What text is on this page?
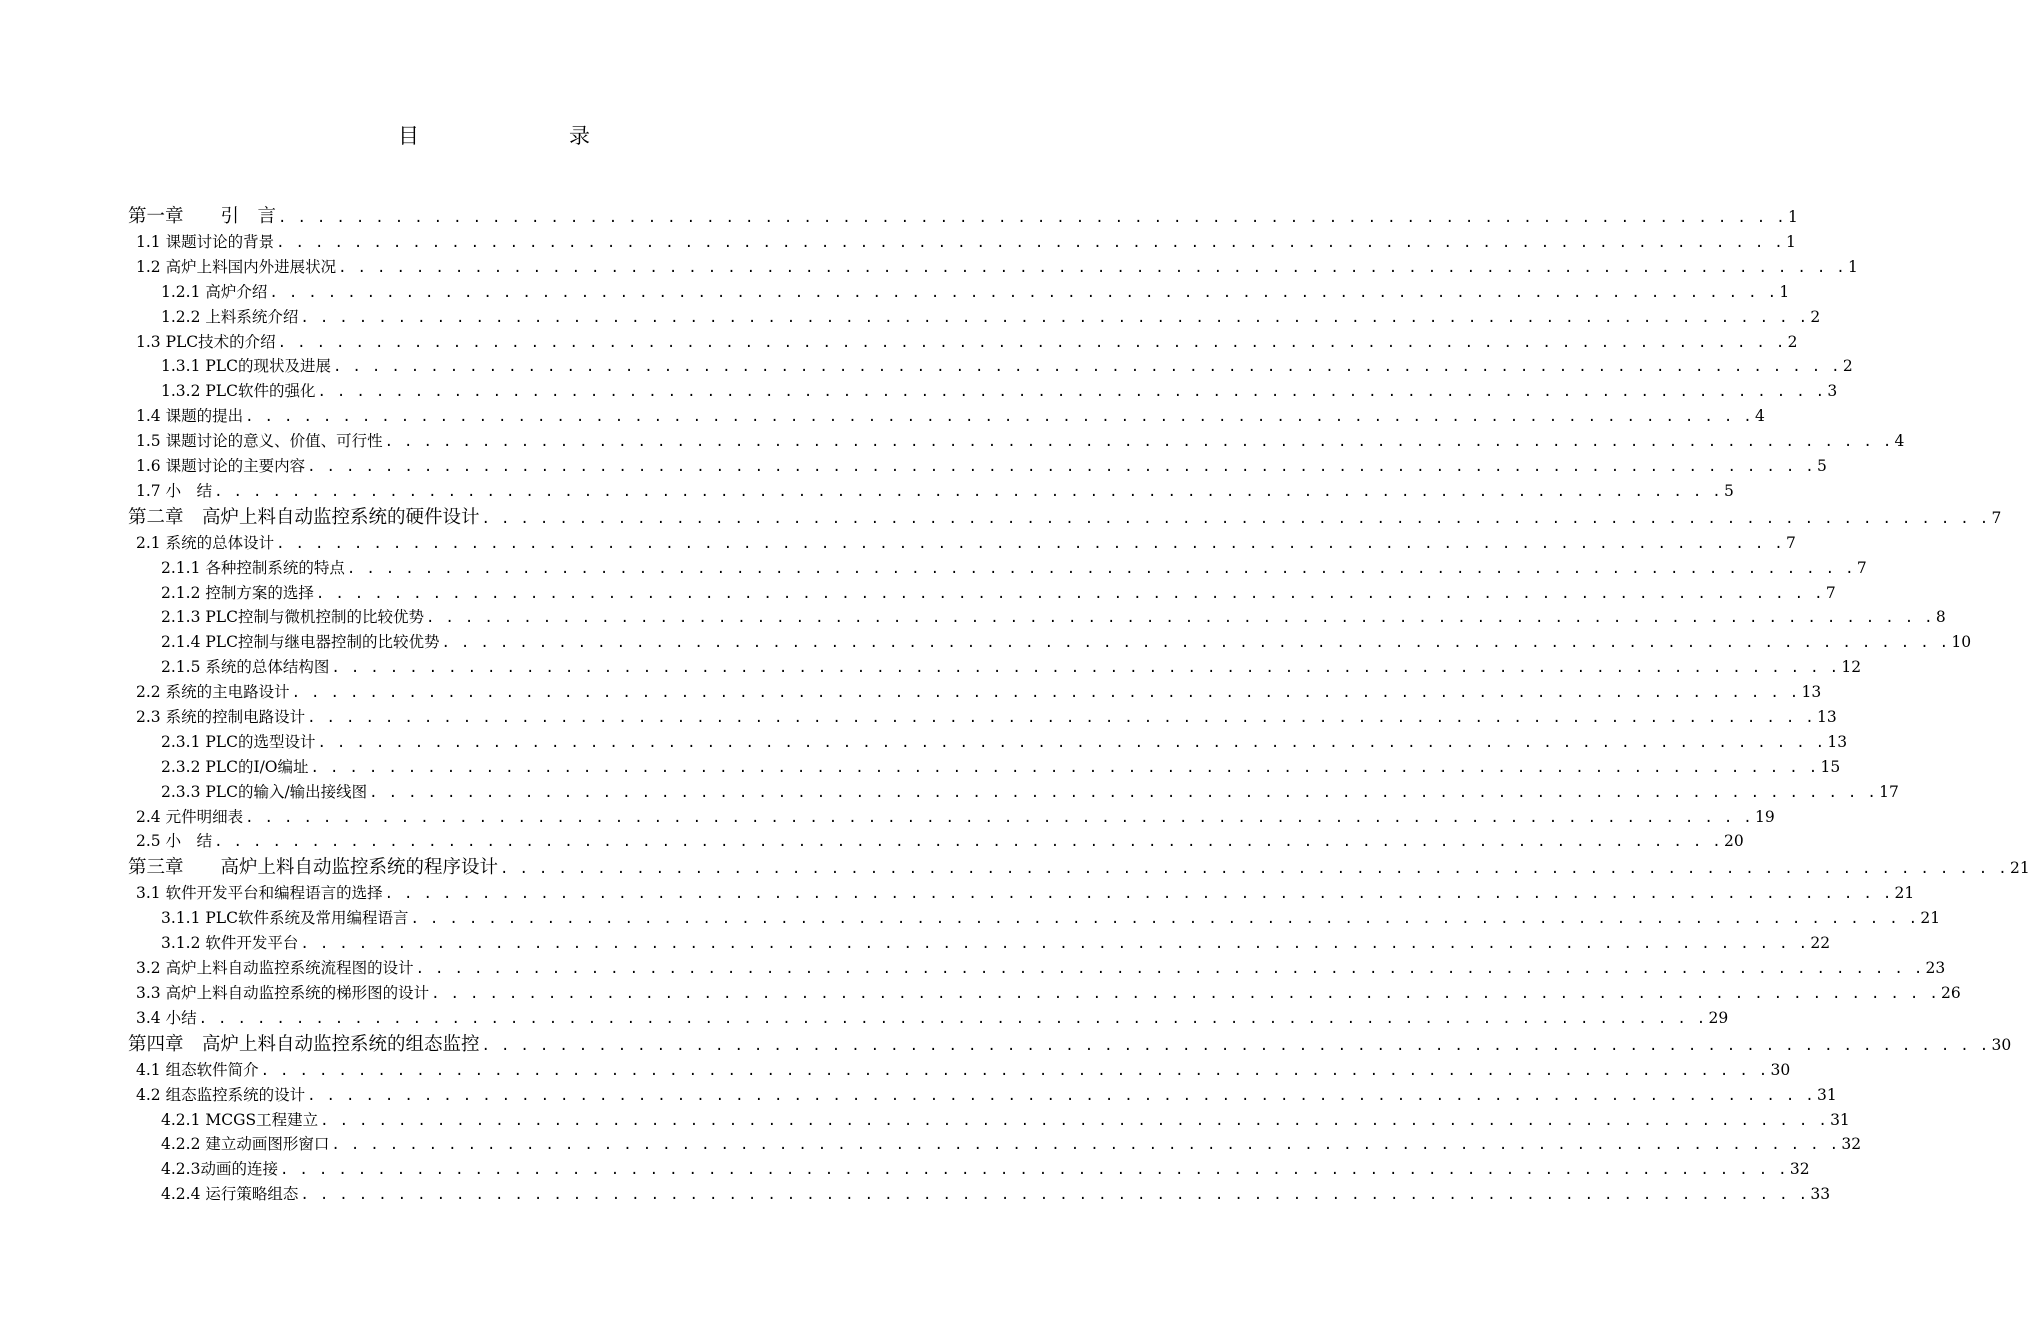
目　　录
第一章　　引　言 . . . . . . . . . . . . . . . . . . . . . . . . . . . . . . . . . . . . . . . . . . . . . . . . . . . . . . . . . . . . . . . . . . . . . . . . . . . . . . 1
1.1 课题讨论的背景 . . . . . . . . . . . . . . . . . . . . . . . . . . . . . . . . . . . . . . . . . . . . . . . . . . . . . . . . . . . . . . . . . . . . . . . . . . . . . . 1
1.2 高炉上料国内外进展状况 . . . . . . . . . . . . . . . . . . . . . . . . . . . . . . . . . . . . . . . . . . . . . . . . . . . . . . . . . . . . . . . . . . . . . . . . . . . . . . 1
1.2.1 高炉介绍 . . . . . . . . . . . . . . . . . . . . . . . . . . . . . . . . . . . . . . . . . . . . . . . . . . . . . . . . . . . . . . . . . . . . . . . . . . . . . . 1
1.2.2 上料系统介绍 . . . . . . . . . . . . . . . . . . . . . . . . . . . . . . . . . . . . . . . . . . . . . . . . . . . . . . . . . . . . . . . . . . . . . . . . . . . . . . 2
1.3 PLC技术的介绍 . . . . . . . . . . . . . . . . . . . . . . . . . . . . . . . . . . . . . . . . . . . . . . . . . . . . . . . . . . . . . . . . . . . . . . . . . . . . . . 2
1.3.1 PLC的现状及进展 . . . . . . . . . . . . . . . . . . . . . . . . . . . . . . . . . . . . . . . . . . . . . . . . . . . . . . . . . . . . . . . . . . . . . . . . . . . . . . 2
1.3.2 PLC软件的强化 . . . . . . . . . . . . . . . . . . . . . . . . . . . . . . . . . . . . . . . . . . . . . . . . . . . . . . . . . . . . . . . . . . . . . . . . . . . . . . 3
1.4 课题的提出 . . . . . . . . . . . . . . . . . . . . . . . . . . . . . . . . . . . . . . . . . . . . . . . . . . . . . . . . . . . . . . . . . . . . . . . . . . . . . . 4
1.5 课题讨论的意义、价值、可行性 . . . . . . . . . . . . . . . . . . . . . . . . . . . . . . . . . . . . . . . . . . . . . . . . . . . . . . . . . . . . . . . . . . . . . . . . . . . . . . 4
1.6 课题讨论的主要内容 . . . . . . . . . . . . . . . . . . . . . . . . . . . . . . . . . . . . . . . . . . . . . . . . . . . . . . . . . . . . . . . . . . . . . . . . . . . . . . 5
1.7 小　结 . . . . . . . . . . . . . . . . . . . . . . . . . . . . . . . . . . . . . . . . . . . . . . . . . . . . . . . . . . . . . . . . . . . . . . . . . . . . . . 5
第二章　高炉上料自动监控系统的硬件设计 . . . . . . . . . . . . . . . . . . . . . . . . . . . . . . . . . . . . . . . . . . . . . . . . . . . . . . . . . . . . . . . . . . . . . . . . . . . . . . 7
2.1 系统的总体设计 . . . . . . . . . . . . . . . . . . . . . . . . . . . . . . . . . . . . . . . . . . . . . . . . . . . . . . . . . . . . . . . . . . . . . . . . . . . . . . 7
2.1.1 各种控制系统的特点 . . . . . . . . . . . . . . . . . . . . . . . . . . . . . . . . . . . . . . . . . . . . . . . . . . . . . . . . . . . . . . . . . . . . . . . . . . . . . . 7
2.1.2 控制方案的选择 . . . . . . . . . . . . . . . . . . . . . . . . . . . . . . . . . . . . . . . . . . . . . . . . . . . . . . . . . . . . . . . . . . . . . . . . . . . . . . 7
2.1.3 PLC控制与微机控制的比较优势 . . . . . . . . . . . . . . . . . . . . . . . . . . . . . . . . . . . . . . . . . . . . . . . . . . . . . . . . . . . . . . . . . . . . . . . . . . . . . . 8
2.1.4 PLC控制与继电器控制的比较优势 . . . . . . . . . . . . . . . . . . . . . . . . . . . . . . . . . . . . . . . . . . . . . . . . . . . . . . . . . . . . . . . . . . . . . . . . . . . . . . 10
2.1.5 系统的总体结构图 . . . . . . . . . . . . . . . . . . . . . . . . . . . . . . . . . . . . . . . . . . . . . . . . . . . . . . . . . . . . . . . . . . . . . . . . . . . . . . 12
2.2 系统的主电路设计 . . . . . . . . . . . . . . . . . . . . . . . . . . . . . . . . . . . . . . . . . . . . . . . . . . . . . . . . . . . . . . . . . . . . . . . . . . . . . . 13
2.3 系统的控制电路设计 . . . . . . . . . . . . . . . . . . . . . . . . . . . . . . . . . . . . . . . . . . . . . . . . . . . . . . . . . . . . . . . . . . . . . . . . . . . . . . 13
2.3.1 PLC的选型设计 . . . . . . . . . . . . . . . . . . . . . . . . . . . . . . . . . . . . . . . . . . . . . . . . . . . . . . . . . . . . . . . . . . . . . . . . . . . . . . 13
2.3.2 PLC的I/O编址 . . . . . . . . . . . . . . . . . . . . . . . . . . . . . . . . . . . . . . . . . . . . . . . . . . . . . . . . . . . . . . . . . . . . . . . . . . . . . . 15
2.3.3 PLC的输入/输出接线图 . . . . . . . . . . . . . . . . . . . . . . . . . . . . . . . . . . . . . . . . . . . . . . . . . . . . . . . . . . . . . . . . . . . . . . . . . . . . . . 17
2.4 元件明细表 . . . . . . . . . . . . . . . . . . . . . . . . . . . . . . . . . . . . . . . . . . . . . . . . . . . . . . . . . . . . . . . . . . . . . . . . . . . . . . 19
2.5 小　结 . . . . . . . . . . . . . . . . . . . . . . . . . . . . . . . . . . . . . . . . . . . . . . . . . . . . . . . . . . . . . . . . . . . . . . . . . . . . . . 20
第三章　　高炉上料自动监控系统的程序设计 . . . . . . . . . . . . . . . . . . . . . . . . . . . . . . . . . . . . . . . . . . . . . . . . . . . . . . . . . . . . . . . . . . . . . . . . . . . . . . 21
3.1 软件开发平台和编程语言的选择 . . . . . . . . . . . . . . . . . . . . . . . . . . . . . . . . . . . . . . . . . . . . . . . . . . . . . . . . . . . . . . . . . . . . . . . . . . . . . . 21
3.1.1 PLC软件系统及常用编程语言 . . . . . . . . . . . . . . . . . . . . . . . . . . . . . . . . . . . . . . . . . . . . . . . . . . . . . . . . . . . . . . . . . . . . . . . . . . . . . . 21
3.1.2 软件开发平台 . . . . . . . . . . . . . . . . . . . . . . . . . . . . . . . . . . . . . . . . . . . . . . . . . . . . . . . . . . . . . . . . . . . . . . . . . . . . . . 22
3.2 高炉上料自动监控系统流程图的设计 . . . . . . . . . . . . . . . . . . . . . . . . . . . . . . . . . . . . . . . . . . . . . . . . . . . . . . . . . . . . . . . . . . . . . . . . . . . . . . 23
3.3 高炉上料自动监控系统的梯形图的设计 . . . . . . . . . . . . . . . . . . . . . . . . . . . . . . . . . . . . . . . . . . . . . . . . . . . . . . . . . . . . . . . . . . . . . . . . . . . . . . 26
3.4 小结 . . . . . . . . . . . . . . . . . . . . . . . . . . . . . . . . . . . . . . . . . . . . . . . . . . . . . . . . . . . . . . . . . . . . . . . . . . . . . . 29
第四章　高炉上料自动监控系统的组态监控 . . . . . . . . . . . . . . . . . . . . . . . . . . . . . . . . . . . . . . . . . . . . . . . . . . . . . . . . . . . . . . . . . . . . . . . . . . . . . . 30
4.1 组态软件简介 . . . . . . . . . . . . . . . . . . . . . . . . . . . . . . . . . . . . . . . . . . . . . . . . . . . . . . . . . . . . . . . . . . . . . . . . . . . . . . 30
4.2 组态监控系统的设计 . . . . . . . . . . . . . . . . . . . . . . . . . . . . . . . . . . . . . . . . . . . . . . . . . . . . . . . . . . . . . . . . . . . . . . . . . . . . . . 31
4.2.1 MCGS工程建立 . . . . . . . . . . . . . . . . . . . . . . . . . . . . . . . . . . . . . . . . . . . . . . . . . . . . . . . . . . . . . . . . . . . . . . . . . . . . . . 31
4.2.2 建立动画图形窗口 . . . . . . . . . . . . . . . . . . . . . . . . . . . . . . . . . . . . . . . . . . . . . . . . . . . . . . . . . . . . . . . . . . . . . . . . . . . . . . 32
4.2.3动画的连接 . . . . . . . . . . . . . . . . . . . . . . . . . . . . . . . . . . . . . . . . . . . . . . . . . . . . . . . . . . . . . . . . . . . . . . . . . . . . . . 32
4.2.4 运行策略组态 . . . . . . . . . . . . . . . . . . . . . . . . . . . . . . . . . . . . . . . . . . . . . . . . . . . . . . . . . . . . . . . . . . . . . . . . . . . . . . 33
